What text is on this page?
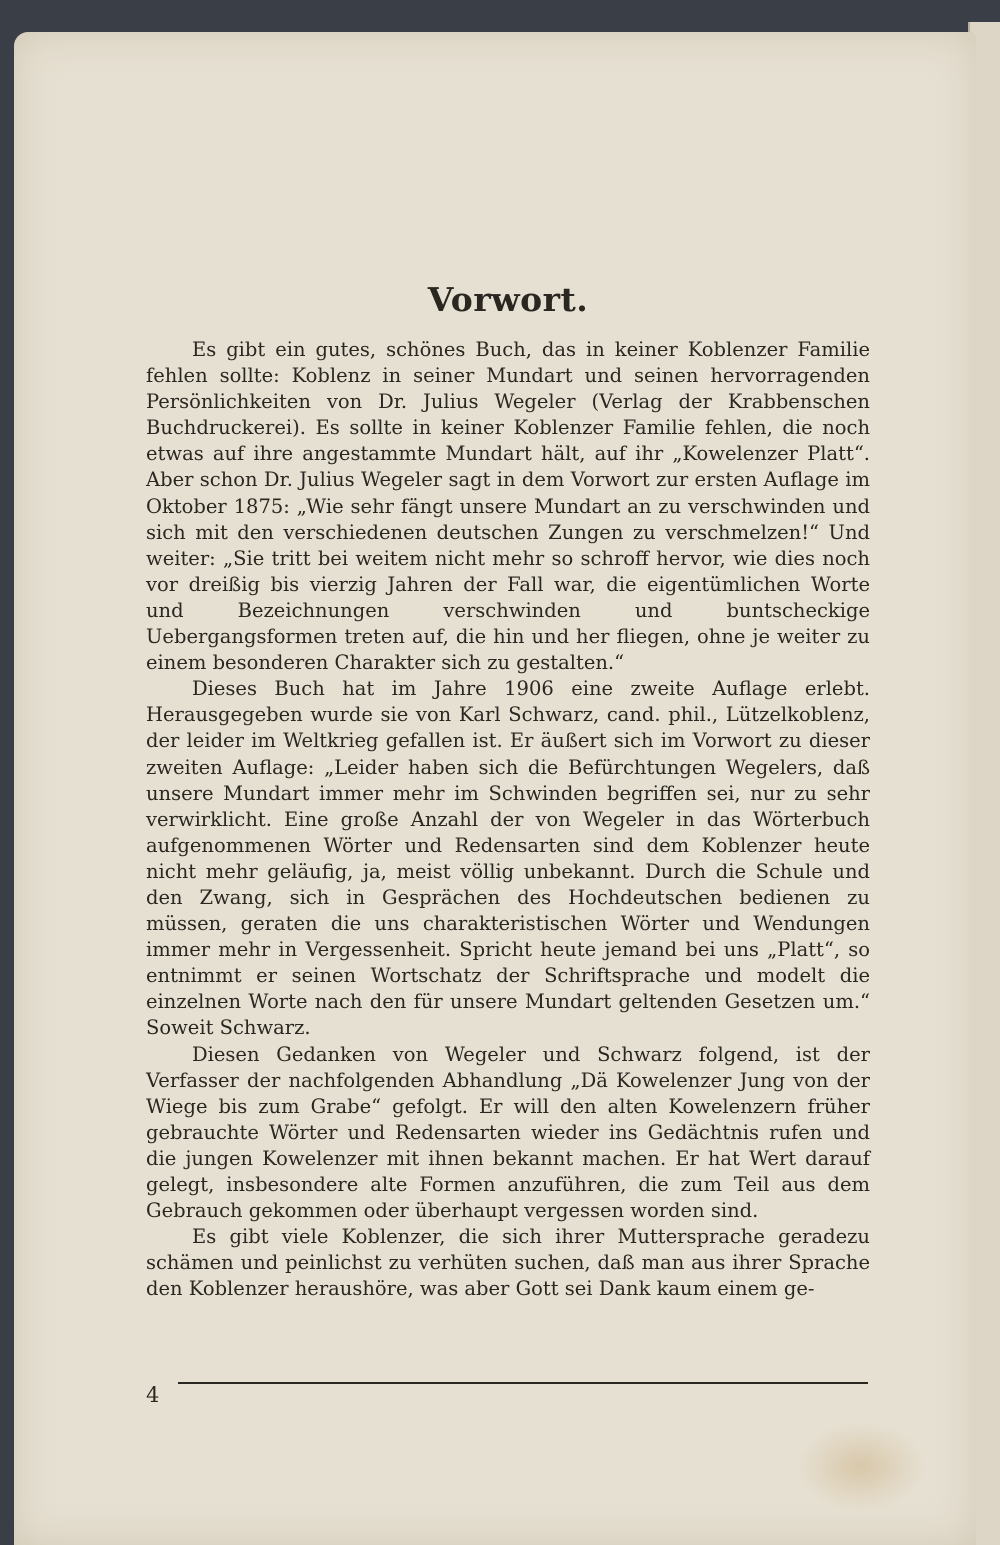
Vorwort.

Es gibt ein gutes, schönes Buch, das in keiner Koblenzer Familie fehlen sollte: Koblenz in seiner Mundart und seinen hervorragenden Persönlichkeiten von Dr. Julius Wegeler (Verlag der Krabbenschen Buchdruckerei). Es sollte in keiner Koblenzer Familie fehlen, die noch etwas auf ihre angestammte Mundart hält, auf ihr „Kowelenzer Platt“. Aber schon Dr. Julius Wegeler sagt in dem Vorwort zur ersten Auflage im Oktober 1875: „Wie sehr fängt unsere Mundart an zu verschwinden und sich mit den verschiedenen deutschen Zungen zu verschmelzen!“ Und weiter: „Sie tritt bei weitem nicht mehr so schroff hervor, wie dies noch vor dreißig bis vierzig Jahren der Fall war, die eigentümlichen Worte und Bezeichnungen verschwinden und buntscheckige Uebergangsformen treten auf, die hin und her fliegen, ohne je weiter zu einem besonderen Charakter sich zu gestalten.“

Dieses Buch hat im Jahre 1906 eine zweite Auflage erlebt. Herausgegeben wurde sie von Karl Schwarz, cand. phil., Lützelkoblenz, der leider im Weltkrieg gefallen ist. Er äußert sich im Vorwort zu dieser zweiten Auflage: „Leider haben sich die Befürchtungen Wegelers, daß unsere Mundart immer mehr im Schwinden begriffen sei, nur zu sehr verwirklicht. Eine große Anzahl der von Wegeler in das Wörterbuch aufgenommenen Wörter und Redensarten sind dem Koblenzer heute nicht mehr geläufig, ja, meist völlig unbekannt. Durch die Schule und den Zwang, sich in Gesprächen des Hochdeutschen bedienen zu müssen, geraten die uns charakteristischen Wörter und Wendungen immer mehr in Vergessenheit. Spricht heute jemand bei uns „Platt“, so entnimmt er seinen Wortschatz der Schriftsprache und modelt die einzelnen Worte nach den für unsere Mundart geltenden Gesetzen um.“ Soweit Schwarz.

Diesen Gedanken von Wegeler und Schwarz folgend, ist der Verfasser der nachfolgenden Abhandlung „Dä Kowelenzer Jung von der Wiege bis zum Grabe“ gefolgt. Er will den alten Kowelenzern früher gebrauchte Wörter und Redensarten wieder ins Gedächtnis rufen und die jungen Kowelenzer mit ihnen bekannt machen. Er hat Wert darauf gelegt, insbesondere alte Formen anzuführen, die zum Teil aus dem Gebrauch gekommen oder überhaupt vergessen worden sind.

Es gibt viele Koblenzer, die sich ihrer Muttersprache geradezu schämen und peinlichst zu verhüten suchen, daß man aus ihrer Sprache den Koblenzer heraushöre, was aber Gott sei Dank kaum einem ge-

4
